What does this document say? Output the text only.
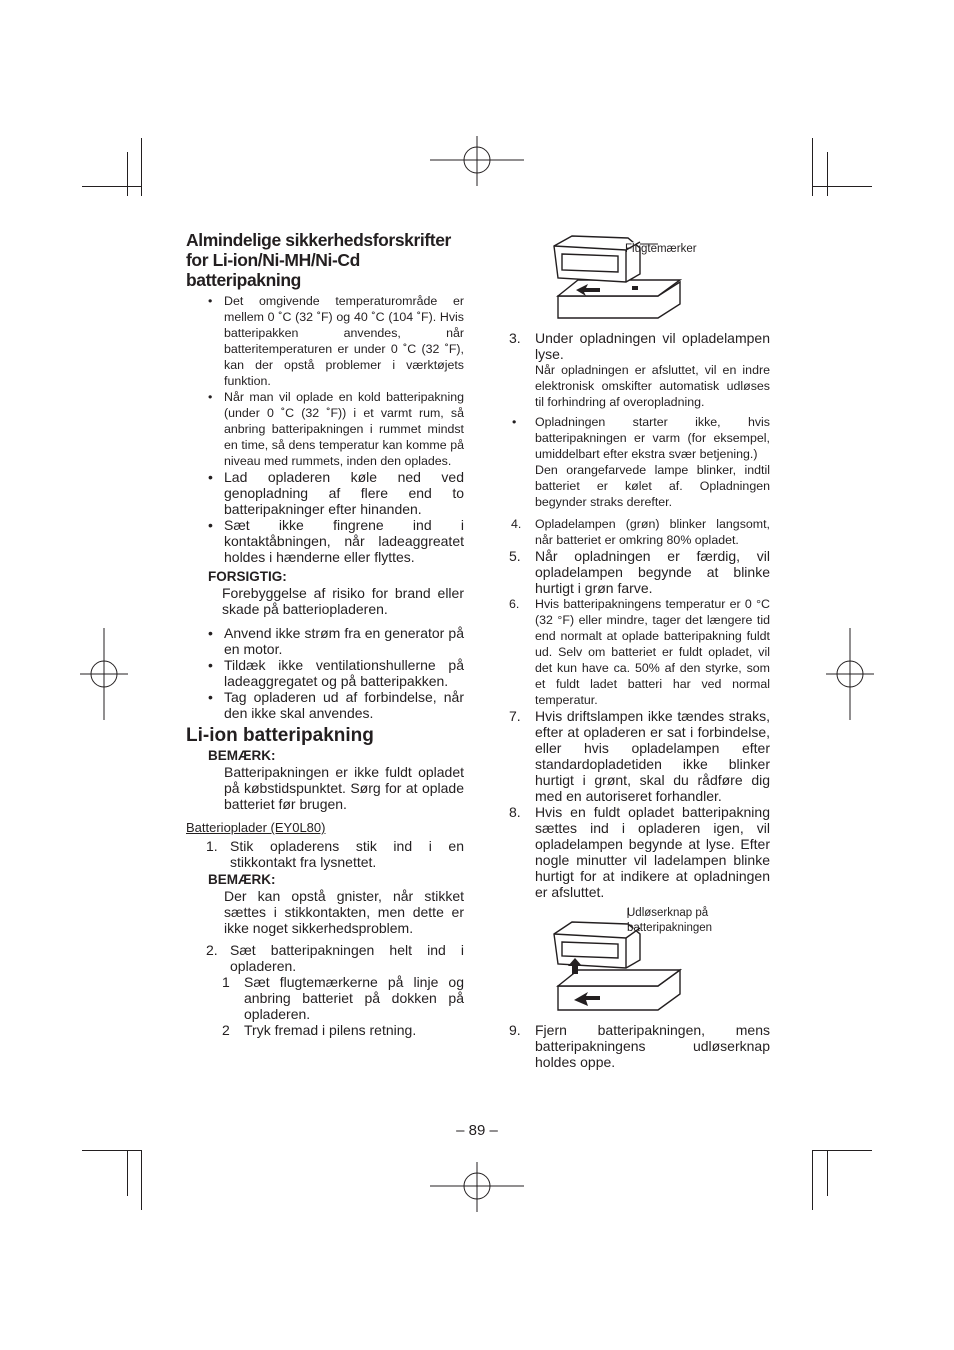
Almindelige sikkerhedsforskrifter for Li-ion/Ni-MH/Ni-Cd batteripakning

• Det omgivende temperaturområde er mellem 0 ˚C (32 ˚F) og 40 ˚C (104 ˚F). Hvis batteripakken anvendes, når batteritemperaturen er under 0 ˚C (32 ˚F), kan der opstå problemer i værktøjets funktion.

• Når man vil oplade en kold batteripakning (under 0 ˚C (32 ˚F)) i et varmt rum, så anbring batteripakningen i rummet mindst en time, så dens temperatur kan komme på niveau med rummets, inden den oplades.

• Lad opladeren køle ned ved genopladning af flere end to batteripakninger efter hinanden.

• Sæt ikke fingrene ind i kontaktåbningen, når ladeaggreatet holdes i hænderne eller flyttes.

FORSIGTIG:

Forebyggelse af risiko for brand eller skade på batteriopladeren.

• Anvend ikke strøm fra en generator på en motor.

• Tildæk ikke ventilationshullerne på ladeaggregatet og på batteripakken.

• Tag opladeren ud af forbindelse, når den ikke skal anvendes.

Li-ion batteripakning
BEMÆRK:

Batteripakningen er ikke fuldt opladet på købstidspunktet. Sørg for at oplade batteriet før brugen.

Batterioplader (EY0L80)

1. Stik opladerens stik ind i en stikkontakt fra lysnettet.

BEMÆRK:

Der kan opstå gnister, når stikket sættes i stikkontakten, men dette er ikke noget sikkerhedsproblem.

2. Sæt batteripakningen helt ind i opladeren.

1 Sæt flugtemærkerne på linje og anbring batteriet på dokken på opladeren.

2 Tryk fremad i pilens retning.

Flugtemærker

3. Under opladningen vil opladelampen lyse.

Når opladningen er afsluttet, vil en indre elektronisk omskifter automatisk udløses til forhindring af overopladning.

• Opladningen starter ikke, hvis batteripakningen er varm (for eksempel, umiddelbart efter ekstra svær betjening.)

Den orangefarvede lampe blinker, indtil batteriet er kølet af. Opladningen begynder straks derefter.

4. Opladelampen (grøn) blinker langsomt, når batteriet er omkring 80% opladet.

5. Når opladningen er færdig, vil opladelampen begynde at blinke hurtigt i grøn farve.

6. Hvis batteripakningens temperatur er 0 °C (32 °F) eller mindre, tager det længere tid end normalt at oplade batteripakning fuldt ud. Selv om batteriet er fuldt opladet, vil det kun have ca. 50% af den styrke, som et fuldt ladet batteri har ved normal temperatur.

7. Hvis driftslampen ikke tændes straks, efter at opladeren er sat i forbindelse, eller hvis opladelampen efter standardopladetiden ikke blinker hurtigt i grønt, skal du rådføre dig med en autoriseret forhandler.

8. Hvis en fuldt opladet batteripakning sættes ind i opladeren igen, vil opladelampen begynde at lyse. Efter nogle minutter vil ladelampen blinke hurtigt for at indikere at opladningen er afsluttet.

Udløserknap på batteripakningen

9. Fjern batteripakningen, mens batteripakningens udløserknap holdes oppe.

– 89 –
